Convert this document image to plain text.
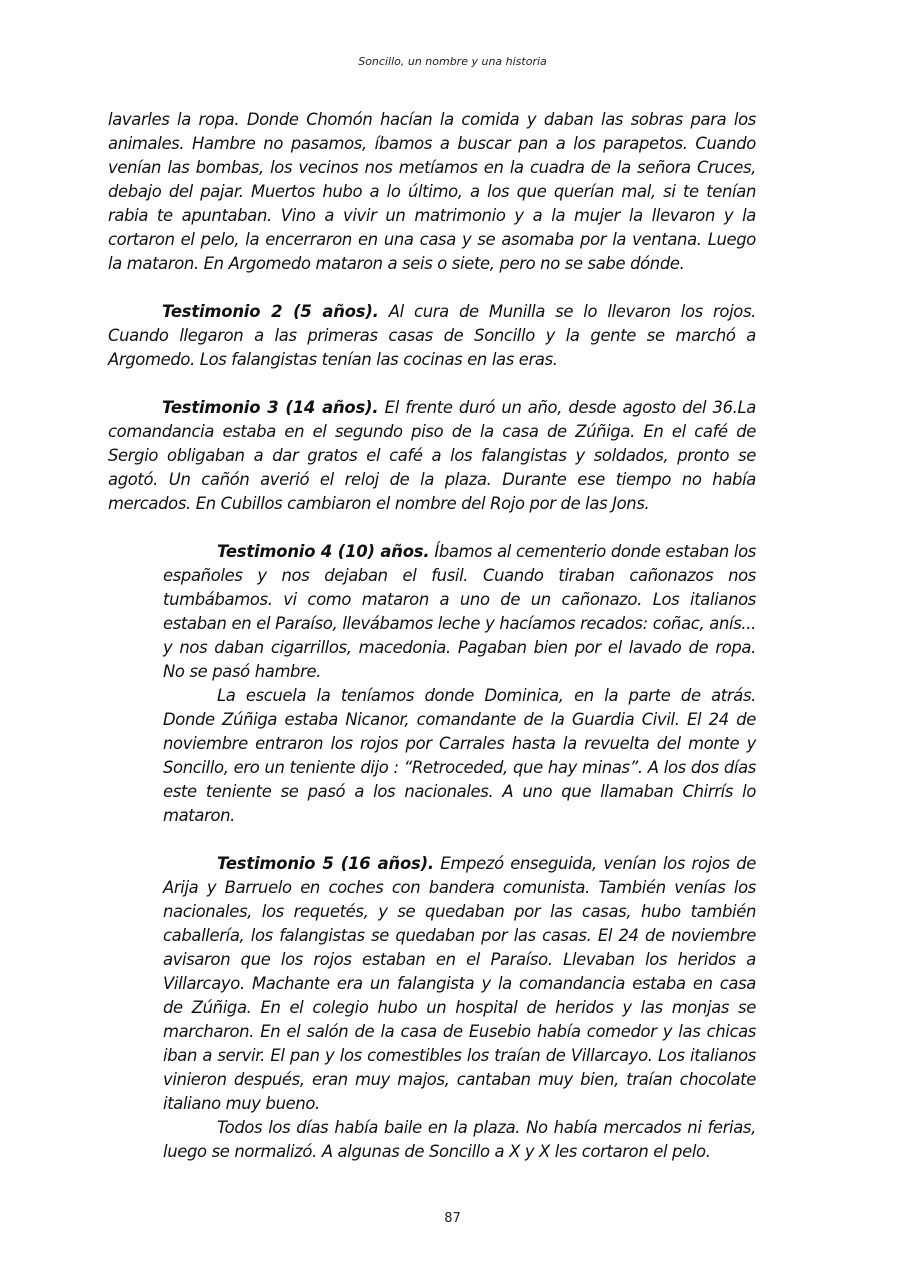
Soncillo, un nombre y una historia

lavarles la ropa. Donde Chomón hacían la comida y daban las sobras para los animales. Hambre no pasamos, íbamos a buscar pan a los parapetos. Cuando venían las bombas, los vecinos nos metíamos en la cuadra de la señora Cruces, debajo del pajar. Muertos hubo a lo último, a los que querían mal, si te tenían rabia te apuntaban. Vino a vivir un matrimonio y a la mujer la llevaron y la cortaron el pelo, la encerraron en una casa y se asomaba por la ventana. Luego la mataron. En Argomedo mataron a seis o siete, pero no se sabe dónde.

Testimonio 2 (5 años). Al cura de Munilla se lo llevaron los rojos. Cuando llegaron a las primeras casas de Soncillo y la gente se marchó a Argomedo. Los falangistas tenían las cocinas en las eras.

Testimonio 3 (14 años). El frente duró un año, desde agosto del 36.La comandancia estaba en el segundo piso de la casa de Zúñiga. En el café de Sergio obligaban a dar gratos el café a los falangistas y soldados, pronto se agotó. Un cañón averió el reloj de la plaza. Durante ese tiempo no había mercados. En Cubillos cambiaron el nombre del Rojo por de las Jons.

Testimonio 4 (10) años. Íbamos al cementerio donde estaban los españoles y nos dejaban el fusil. Cuando tiraban cañonazos nos tumbábamos. vi como mataron a uno de un cañonazo. Los italianos estaban en el Paraíso, llevábamos leche y hacíamos recados: coñac, anís... y nos daban cigarrillos, macedonia. Pagaban bien por el lavado de ropa. No se pasó hambre.

La escuela la teníamos donde Dominica, en la parte de atrás. Donde Zúñiga estaba Nicanor, comandante de la Guardia Civil. El 24 de noviembre entraron los rojos por Carrales hasta la revuelta del monte y Soncillo, ero un teniente dijo : “Retroceded, que hay minas”. A los dos días este teniente se pasó a los nacionales. A uno que llamaban Chirrís lo mataron.

Testimonio 5 (16 años). Empezó enseguida, venían los rojos de Arija y Barruelo en coches con bandera comunista. También venías los nacionales, los requetés, y se quedaban por las casas, hubo también caballería, los falangistas se quedaban por las casas. El 24 de noviembre avisaron que los rojos estaban en el Paraíso. Llevaban los heridos a Villarcayo. Machante era un falangista y la comandancia estaba en casa de Zúñiga. En el colegio hubo un hospital de heridos y las monjas se marcharon. En el salón de la casa de Eusebio había comedor y las chicas iban a servir. El pan y los comestibles los traían de Villarcayo. Los italianos vinieron después, eran muy majos, cantaban muy bien, traían chocolate italiano muy bueno.

Todos los días había baile en la plaza. No había mercados ni ferias, luego se normalizó. A algunas de Soncillo a X y X les cortaron el pelo.

87
